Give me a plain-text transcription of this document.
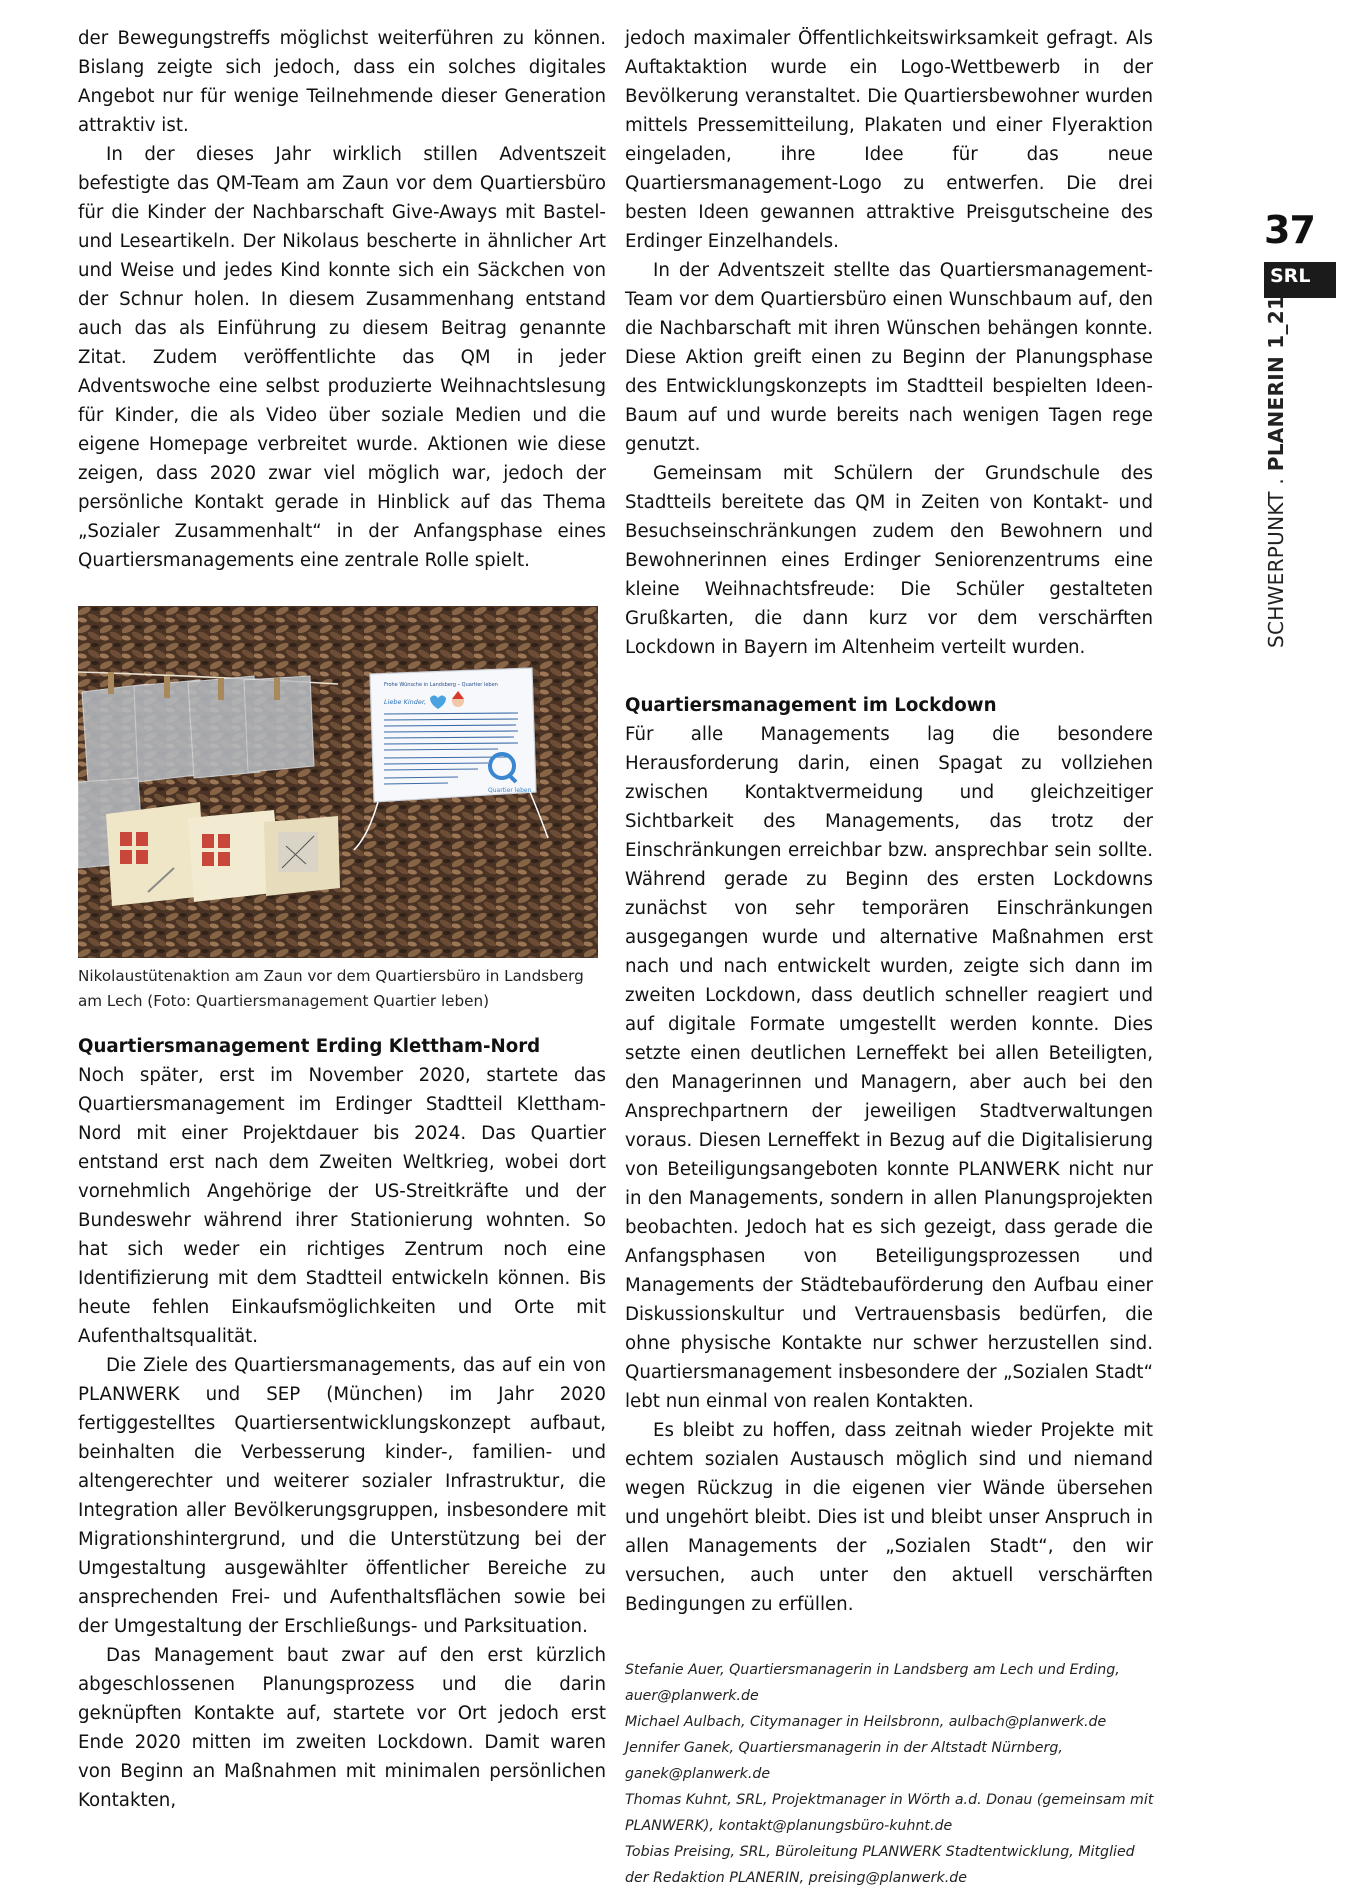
der Bewegungstreffs möglichst weiterführen zu können. Bislang zeigte sich jedoch, dass ein solches digitales Angebot nur für wenige Teilnehmende dieser Generation attraktiv ist.

In der dieses Jahr wirklich stillen Adventszeit befestigte das QM-Team am Zaun vor dem Quartiersbüro für die Kinder der Nachbarschaft Give-Aways mit Bastel- und Leseartikeln. Der Nikolaus bescherte in ähnlicher Art und Weise und jedes Kind konnte sich ein Säckchen von der Schnur holen. In diesem Zusammenhang entstand auch das als Einführung zu diesem Beitrag genannte Zitat. Zudem veröffentlichte das QM in jeder Adventswoche eine selbst produzierte Weihnachtslesung für Kinder, die als Video über soziale Medien und die eigene Homepage verbreitet wurde. Aktionen wie diese zeigen, dass 2020 zwar viel möglich war, jedoch der persönliche Kontakt gerade in Hinblick auf das Thema „Sozialer Zusammenhalt“ in der Anfangsphase eines Quartiersmanagements eine zentrale Rolle spielt.

Frohe Wünsche in Landsberg – Quartier leben
Liebe Kinder,
Quartier leben
Nikolaustütenaktion am Zaun vor dem Quartiersbüro in Landsberg am Lech (Foto: Quartiersmanagement Quartier leben)
Quartiersmanagement Erding Klettham-Nord

Noch später, erst im November 2020, startete das Quartiersmanagement im Erdinger Stadtteil Klettham-Nord mit einer Projektdauer bis 2024. Das Quartier entstand erst nach dem Zweiten Weltkrieg, wobei dort vornehmlich Angehörige der US-Streitkräfte und der Bundeswehr während ihrer Stationierung wohnten. So hat sich weder ein richtiges Zentrum noch eine Identifizierung mit dem Stadtteil entwickeln können. Bis heute fehlen Einkaufsmöglichkeiten und Orte mit Aufenthaltsqualität.

Die Ziele des Quartiersmanagements, das auf ein von PLANWERK und SEP (München) im Jahr 2020 fertiggestelltes Quartiersentwicklungskonzept aufbaut, beinhalten die Verbesserung kinder-, familien- und altengerechter und weiterer sozialer Infrastruktur, die Integration aller Bevölkerungsgruppen, insbesondere mit Migrationshintergrund, und die Unterstützung bei der Umgestaltung ausgewählter öffentlicher Bereiche zu ansprechenden Frei- und Aufenthaltsflächen sowie bei der Umgestaltung der Erschließungs- und Parksituation.

Das Management baut zwar auf den erst kürzlich abgeschlossenen Planungsprozess und die darin geknüpften Kontakte auf, startete vor Ort jedoch erst Ende 2020 mitten im zweiten Lockdown. Damit waren von Beginn an Maßnahmen mit minimalen persönlichen Kontakten,

jedoch maximaler Öffentlichkeitswirksamkeit gefragt. Als Auftaktaktion wurde ein Logo-Wettbewerb in der Bevölkerung veranstaltet. Die Quartiersbewohner wurden mittels Pressemitteilung, Plakaten und einer Flyeraktion eingeladen, ihre Idee für das neue Quartiersmanagement-Logo zu entwerfen. Die drei besten Ideen gewannen attraktive Preisgutscheine des Erdinger Einzelhandels.

In der Adventszeit stellte das Quartiersmanagement-Team vor dem Quartiersbüro einen Wunschbaum auf, den die Nachbarschaft mit ihren Wünschen behängen konnte. Diese Aktion greift einen zu Beginn der Planungsphase des Entwicklungskonzepts im Stadtteil bespielten Ideen-Baum auf und wurde bereits nach wenigen Tagen rege genutzt.

Gemeinsam mit Schülern der Grundschule des Stadtteils bereitete das QM in Zeiten von Kontakt- und Besuchseinschränkungen zudem den Bewohnern und Bewohnerinnen eines Erdinger Seniorenzentrums eine kleine Weihnachtsfreude: Die Schüler gestalteten Grußkarten, die dann kurz vor dem verschärften Lockdown in Bayern im Altenheim verteilt wurden.

Quartiersmanagement im Lockdown

Für alle Managements lag die besondere Herausforderung darin, einen Spagat zu vollziehen zwischen Kontaktvermeidung und gleichzeitiger Sichtbarkeit des Managements, das trotz der Einschränkungen erreichbar bzw. ansprechbar sein sollte. Während gerade zu Beginn des ersten Lockdowns zunächst von sehr temporären Einschränkungen ausgegangen wurde und alternative Maßnahmen erst nach und nach entwickelt wurden, zeigte sich dann im zweiten Lockdown, dass deutlich schneller reagiert und auf digitale Formate umgestellt werden konnte. Dies setzte einen deutlichen Lerneffekt bei allen Beteiligten, den Managerinnen und Managern, aber auch bei den Ansprechpartnern der jeweiligen Stadtverwaltungen voraus. Diesen Lerneffekt in Bezug auf die Digitalisierung von Beteiligungsangeboten konnte PLANWERK nicht nur in den Managements, sondern in allen Planungsprojekten beobachten. Jedoch hat es sich gezeigt, dass gerade die Anfangsphasen von Beteiligungsprozessen und Managements der Städtebauförderung den Aufbau einer Diskussionskultur und Vertrauensbasis bedürfen, die ohne physische Kontakte nur schwer herzustellen sind. Quartiersmanagement insbesondere der „Sozialen Stadt“ lebt nun einmal von realen Kontakten.

Es bleibt zu hoffen, dass zeitnah wieder Projekte mit echtem sozialen Austausch möglich sind und niemand wegen Rückzug in die eigenen vier Wände übersehen und ungehört bleibt. Dies ist und bleibt unser Anspruch in allen Managements der „Sozialen Stadt“, den wir versuchen, auch unter den aktuell verschärften Bedingungen zu erfüllen.

Stefanie Auer, Quartiersmanagerin in Landsberg am Lech und Erding,
auer@planwerk.de
Michael Aulbach, Citymanager in Heilsbronn, aulbach@planwerk.de
Jennifer Ganek, Quartiersmanagerin in der Altstadt Nürnberg,
ganek@planwerk.de
Thomas Kuhnt, SRL, Projektmanager in Wörth a.d. Donau (gemeinsam mit
PLANWERK), kontakt@planungsbüro-kuhnt.de
Tobias Preising, SRL, Büroleitung PLANWERK Stadtentwicklung, Mitglied
der Redaktion PLANERIN, preising@planwerk.de
37
SRL
SCHWERPUNKT . PLANERIN 1_21
